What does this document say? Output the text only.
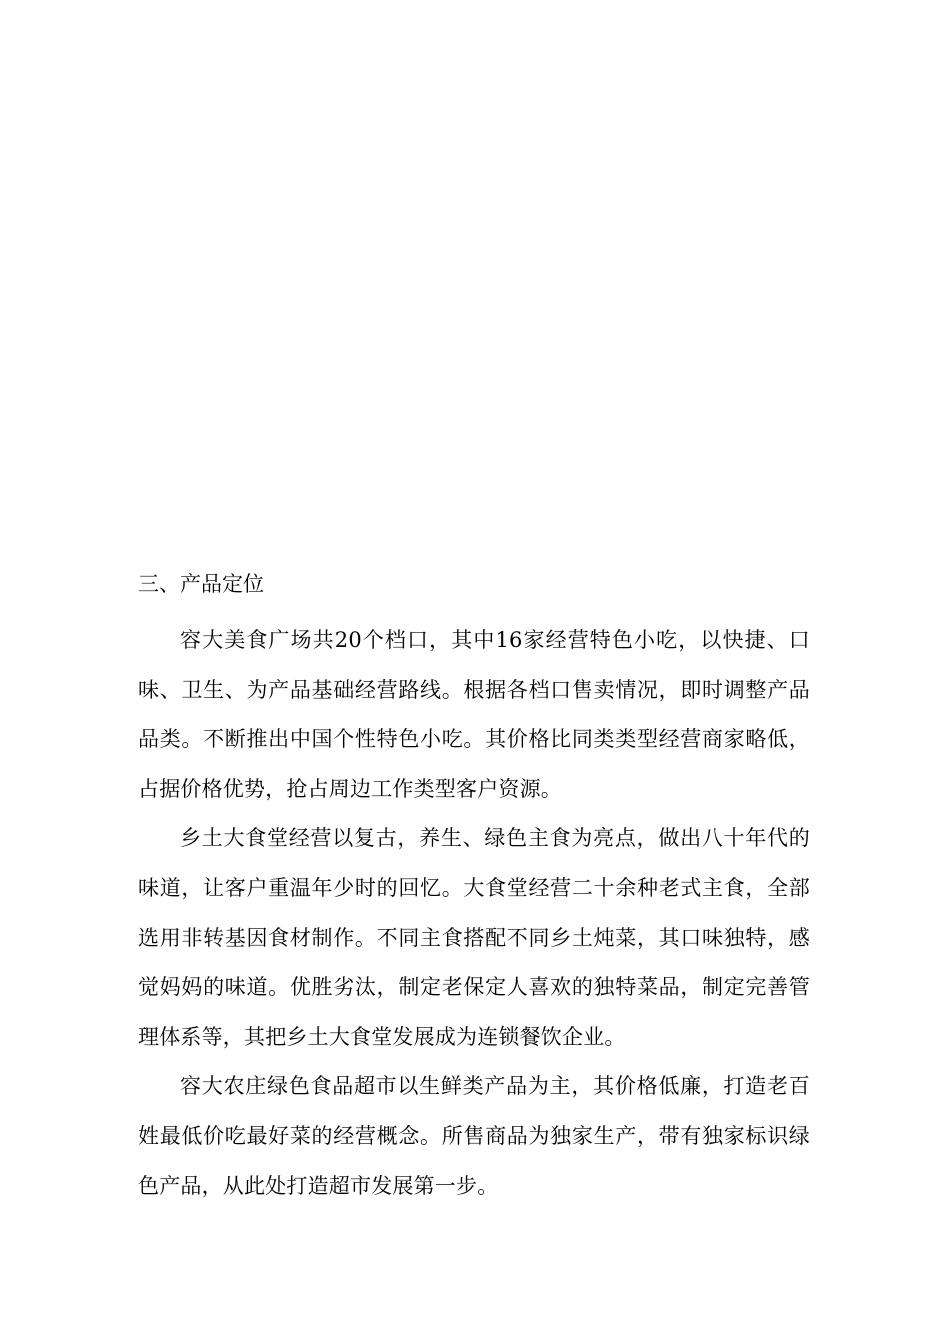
三、产品定位

容大美食广场共20个档口，其中16家经营特色小吃，以快捷、口味、卫生、为产品基础经营路线。根据各档口售卖情况，即时调整产品品类。不断推出中国个性特色小吃。其价格比同类类型经营商家略低，占据价格优势，抢占周边工作类型客户资源。

乡土大食堂经营以复古，养生、绿色主食为亮点，做出八十年代的味道，让客户重温年少时的回忆。大食堂经营二十余种老式主食，全部选用非转基因食材制作。不同主食搭配不同乡土炖菜，其口味独特，感觉妈妈的味道。优胜劣汰，制定老保定人喜欢的独特菜品，制定完善管理体系等，其把乡土大食堂发展成为连锁餐饮企业。

容大农庄绿色食品超市以生鲜类产品为主，其价格低廉，打造老百姓最低价吃最好菜的经营概念。所售商品为独家生产，带有独家标识绿色产品，从此处打造超市发展第一步。
